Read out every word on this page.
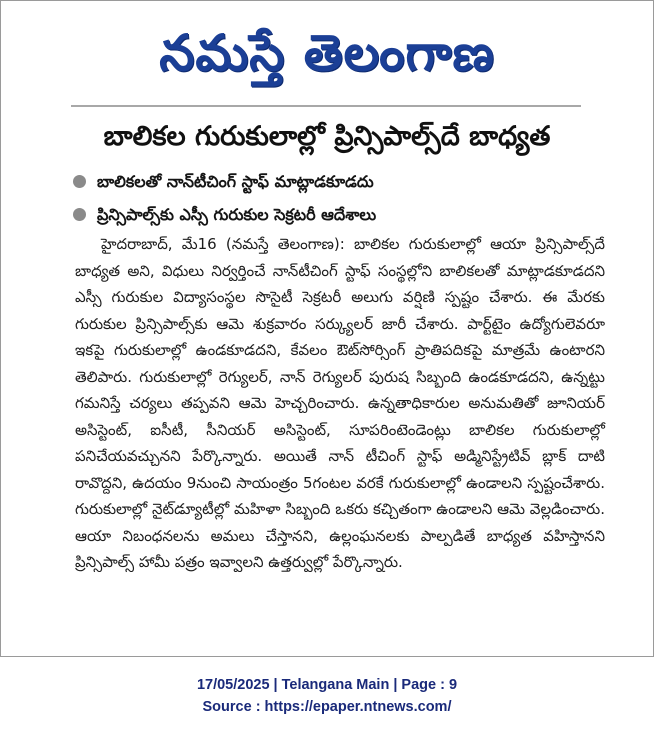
నమస్తే తెలంగాణ
బాలికల గురుకులాల్లో ప్రిన్సిపాల్స్‌దే బాధ్యత
బాలికలతో నాన్‌టీచింగ్‌ స్టాఫ్‌ మాట్లాడకూడదు
ప్రిన్సిపాల్స్‌కు ఎస్సీ గురుకుల సెక్రటరీ ఆదేశాలు

హైదరాబాద్‌, మే16 (నమస్తే తెలంగాణ): బాలికల గురుకులాల్లో ఆయా ప్రిన్సిపాల్స్‌దే బాధ్యత అని, విధులు నిర్వర్తించే నాన్‌టీచింగ్‌ స్టాఫ్‌ సంస్థల్లోని బాలికలతో మాట్లాడకూడదని ఎస్సీ గురుకుల విద్యాసంస్థల సొసైటీ సెక్రటరీ అలుగు వర్షిణి స్పష్టం చేశారు. ఈ మేరకు గురుకుల ప్రిన్సిపాల్స్‌కు ఆమె శుక్రవారం సర్క్యులర్‌ జారీ చేశారు. పార్ట్‌టైం ఉద్యోగులెవరూ ఇకపై గురుకులాల్లో ఉండకూడదని, కేవలం ఔట్‌సోర్సింగ్‌ ప్రాతిపదికపై మాత్రమే ఉంటారని తెలిపారు. గురుకులాల్లో రెగ్యులర్‌, నాన్‌ రెగ్యులర్‌ పురుష సిబ్బంది ఉండకూడదని, ఉన్నట్టు గమనిస్తే చర్యలు తప్పవని ఆమె హెచ్చరించారు. ఉన్నతాధికారుల అనుమతితో జూనియర్‌ అసిస్టెంట్‌, ఐసీటీ, సీనియర్‌ అసిస్టెంట్‌, సూపరింటెండెంట్లు బాలికల గురుకులాల్లో పనిచేయవచ్చునని పేర్కొన్నారు. అయితే నాన్‌ టీచింగ్‌ స్టాఫ్‌ అడ్మినిస్ట్రేటివ్‌ బ్లాక్‌ దాటి రావొద్దని, ఉదయం 9నుంచి సాయంత్రం 5గంటల వరకే గురుకులాల్లో ఉండాలని స్పష్టంచేశారు. గురుకులాల్లో నైట్‌డ్యూటీల్లో మహిళా సిబ్బంది ఒకరు కచ్చితంగా ఉండాలని ఆమె వెల్లడించారు. ఆయా నిబంధనలను అమలు చేస్తానని, ఉల్లంఘనలకు పాల్పడితే బాధ్యత వహిస్తానని ప్రిన్సిపాల్స్‌ హామీ పత్రం ఇవ్వాలని ఉత్తర్వుల్లో పేర్కొన్నారు.

17/05/2025 | Telangana Main | Page : 9
Source : https://epaper.ntnews.com/
